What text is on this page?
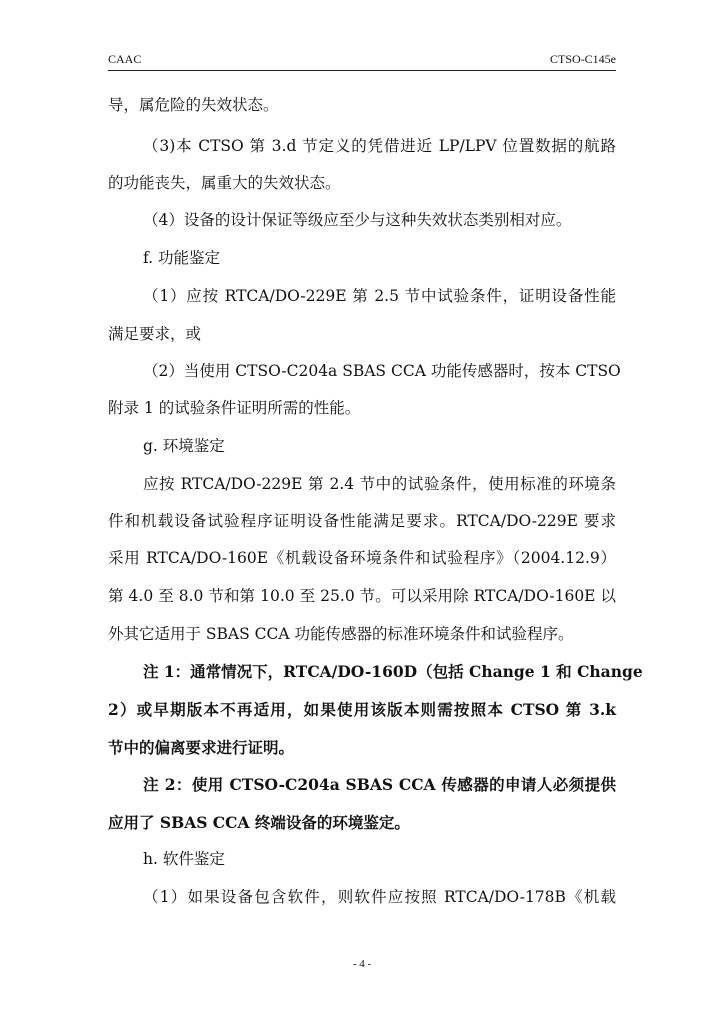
CAAC	CTSO-C145e
导，属危险的失效状态。
（3)本 CTSO 第 3.d 节定义的凭借进近 LP/LPV 位置数据的航路
的功能丧失，属重大的失效状态。
（4）设备的设计保证等级应至少与这种失效状态类别相对应。
f. 功能鉴定
（1）应按 RTCA/DO-229E 第 2.5 节中试验条件，证明设备性能
满足要求，或
（2）当使用 CTSO-C204a SBAS CCA 功能传感器时，按本 CTSO
附录 1 的试验条件证明所需的性能。
g. 环境鉴定
应按 RTCA/DO-229E 第 2.4 节中的试验条件，使用标准的环境条
件和机载设备试验程序证明设备性能满足要求。RTCA/DO-229E 要求
采用 RTCA/DO-160E《机载设备环境条件和试验程序》（2004.12.9）
第 4.0 至 8.0 节和第 10.0 至 25.0 节。可以采用除 RTCA/DO-160E 以
外其它适用于 SBAS CCA 功能传感器的标准环境条件和试验程序。
注 1：通常情况下，RTCA/DO-160D（包括 Change 1 和 Change
2）或早期版本不再适用，如果使用该版本则需按照本 CTSO 第 3.k
节中的偏离要求进行证明。
注 2：使用 CTSO-C204a SBAS CCA 传感器的申请人必须提供
应用了 SBAS CCA 终端设备的环境鉴定。
h. 软件鉴定
（1）如果设备包含软件，则软件应按照 RTCA/DO-178B《机载
- 4 -
